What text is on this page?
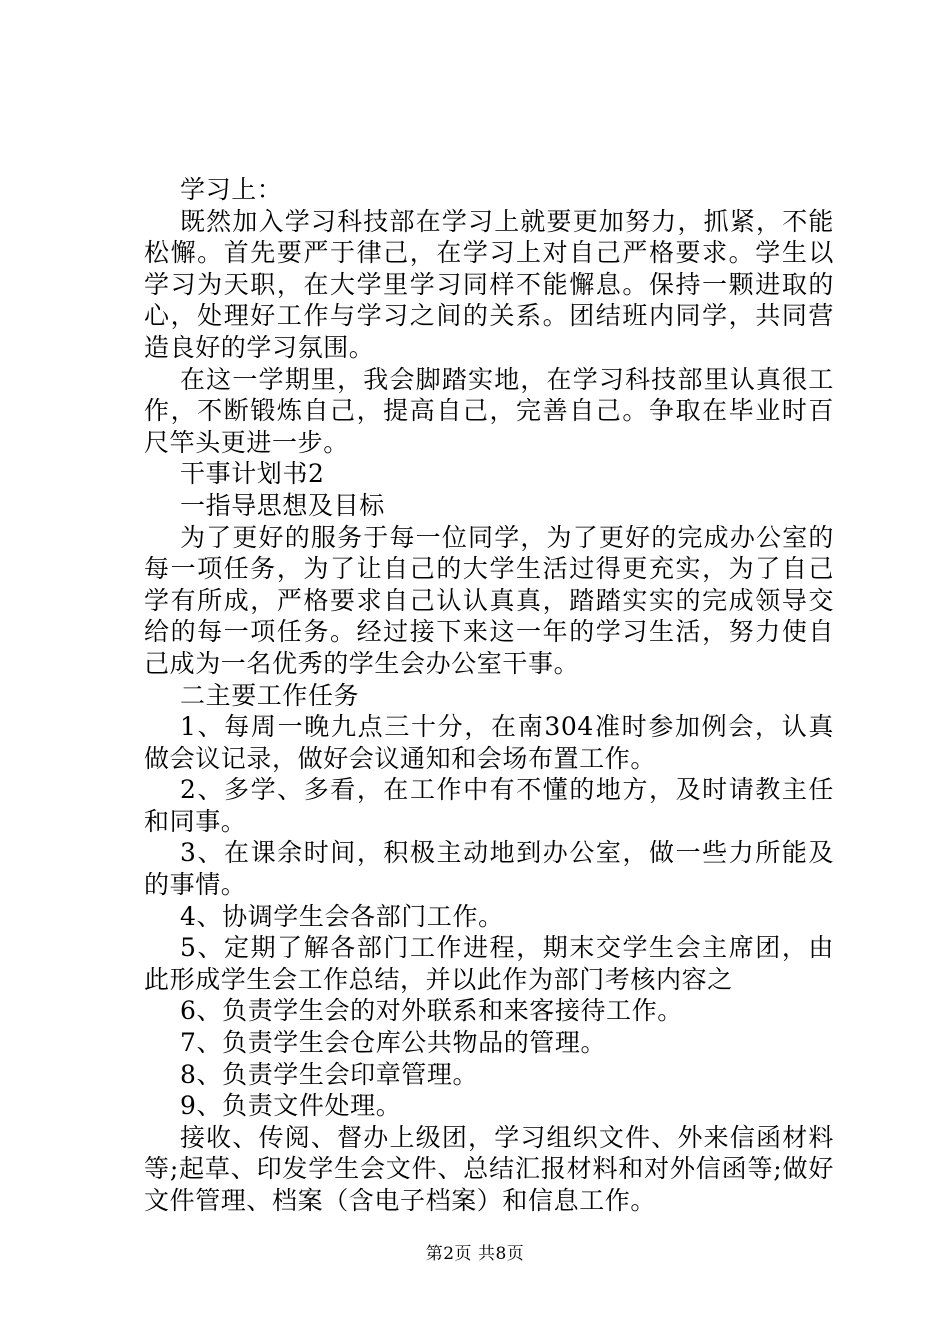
学习上：

既然加入学习科技部在学习上就要更加努力，抓紧，不能松懈。首先要严于律己，在学习上对自己严格要求。学生以学习为天职，在大学里学习同样不能懈息。保持一颗进取的心，处理好工作与学习之间的关系。团结班内同学，共同营造良好的学习氛围。

在这一学期里，我会脚踏实地，在学习科技部里认真很工作，不断锻炼自己，提高自己，完善自己。争取在毕业时百尺竿头更进一步。

干事计划书2

一指导思想及目标

为了更好的服务于每一位同学，为了更好的完成办公室的每一项任务，为了让自己的大学生活过得更充实，为了自己学有所成，严格要求自己认认真真，踏踏实实的完成领导交给的每一项任务。经过接下来这一年的学习生活，努力使自己成为一名优秀的学生会办公室干事。

二主要工作任务

1、每周一晚九点三十分，在南304准时参加例会，认真做会议记录，做好会议通知和会场布置工作。

2、多学、多看，在工作中有不懂的地方，及时请教主任和同事。

3、在课余时间，积极主动地到办公室，做一些力所能及的事情。

4、协调学生会各部门工作。

5、定期了解各部门工作进程，期末交学生会主席团，由此形成学生会工作总结，并以此作为部门考核内容之

6、负责学生会的对外联系和来客接待工作。

7、负责学生会仓库公共物品的管理。

8、负责学生会印章管理。

9、负责文件处理。

接收、传阅、督办上级团，学习组织文件、外来信函材料等;起草、印发学生会文件、总结汇报材料和对外信函等;做好文件管理、档案（含电子档案）和信息工作。

第2页 共8页
